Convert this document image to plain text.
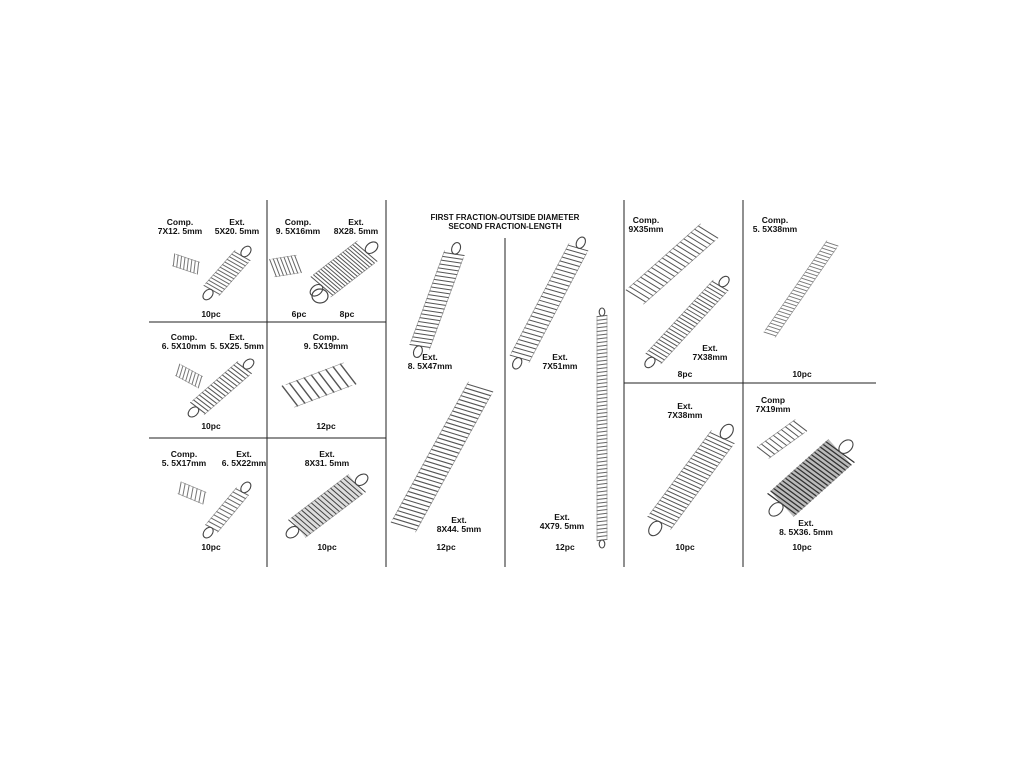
Comp.
7X12. 5mm
Ext.
5X20. 5mm
10pc
Comp.
9. 5X16mm
Ext.
8X28. 5mm
6pc	8pc
Comp.
6. 5X10mm
Ext.
5. 5X25. 5mm
10pc
Comp.
9. 5X19mm
12pc
Comp.
5. 5X17mm
Ext.
6. 5X22mm
10pc
Ext.
8X31. 5mm
10pc
Ext.
8. 5X47mm
Ext.
8X44. 5mm
12pc
Ext.
7X51mm
Ext.
4X79. 5mm
12pc
Comp.
9X35mm
Ext.
7X38mm
8pc
Comp.
5. 5X38mm
10pc
Ext.
7X38mm
10pc
Comp
7X19mm
Ext.
8. 5X36. 5mm
10pc
FIRST FRACTION-OUTSIDE DIAMETER
SECOND FRACTION-LENGTH
